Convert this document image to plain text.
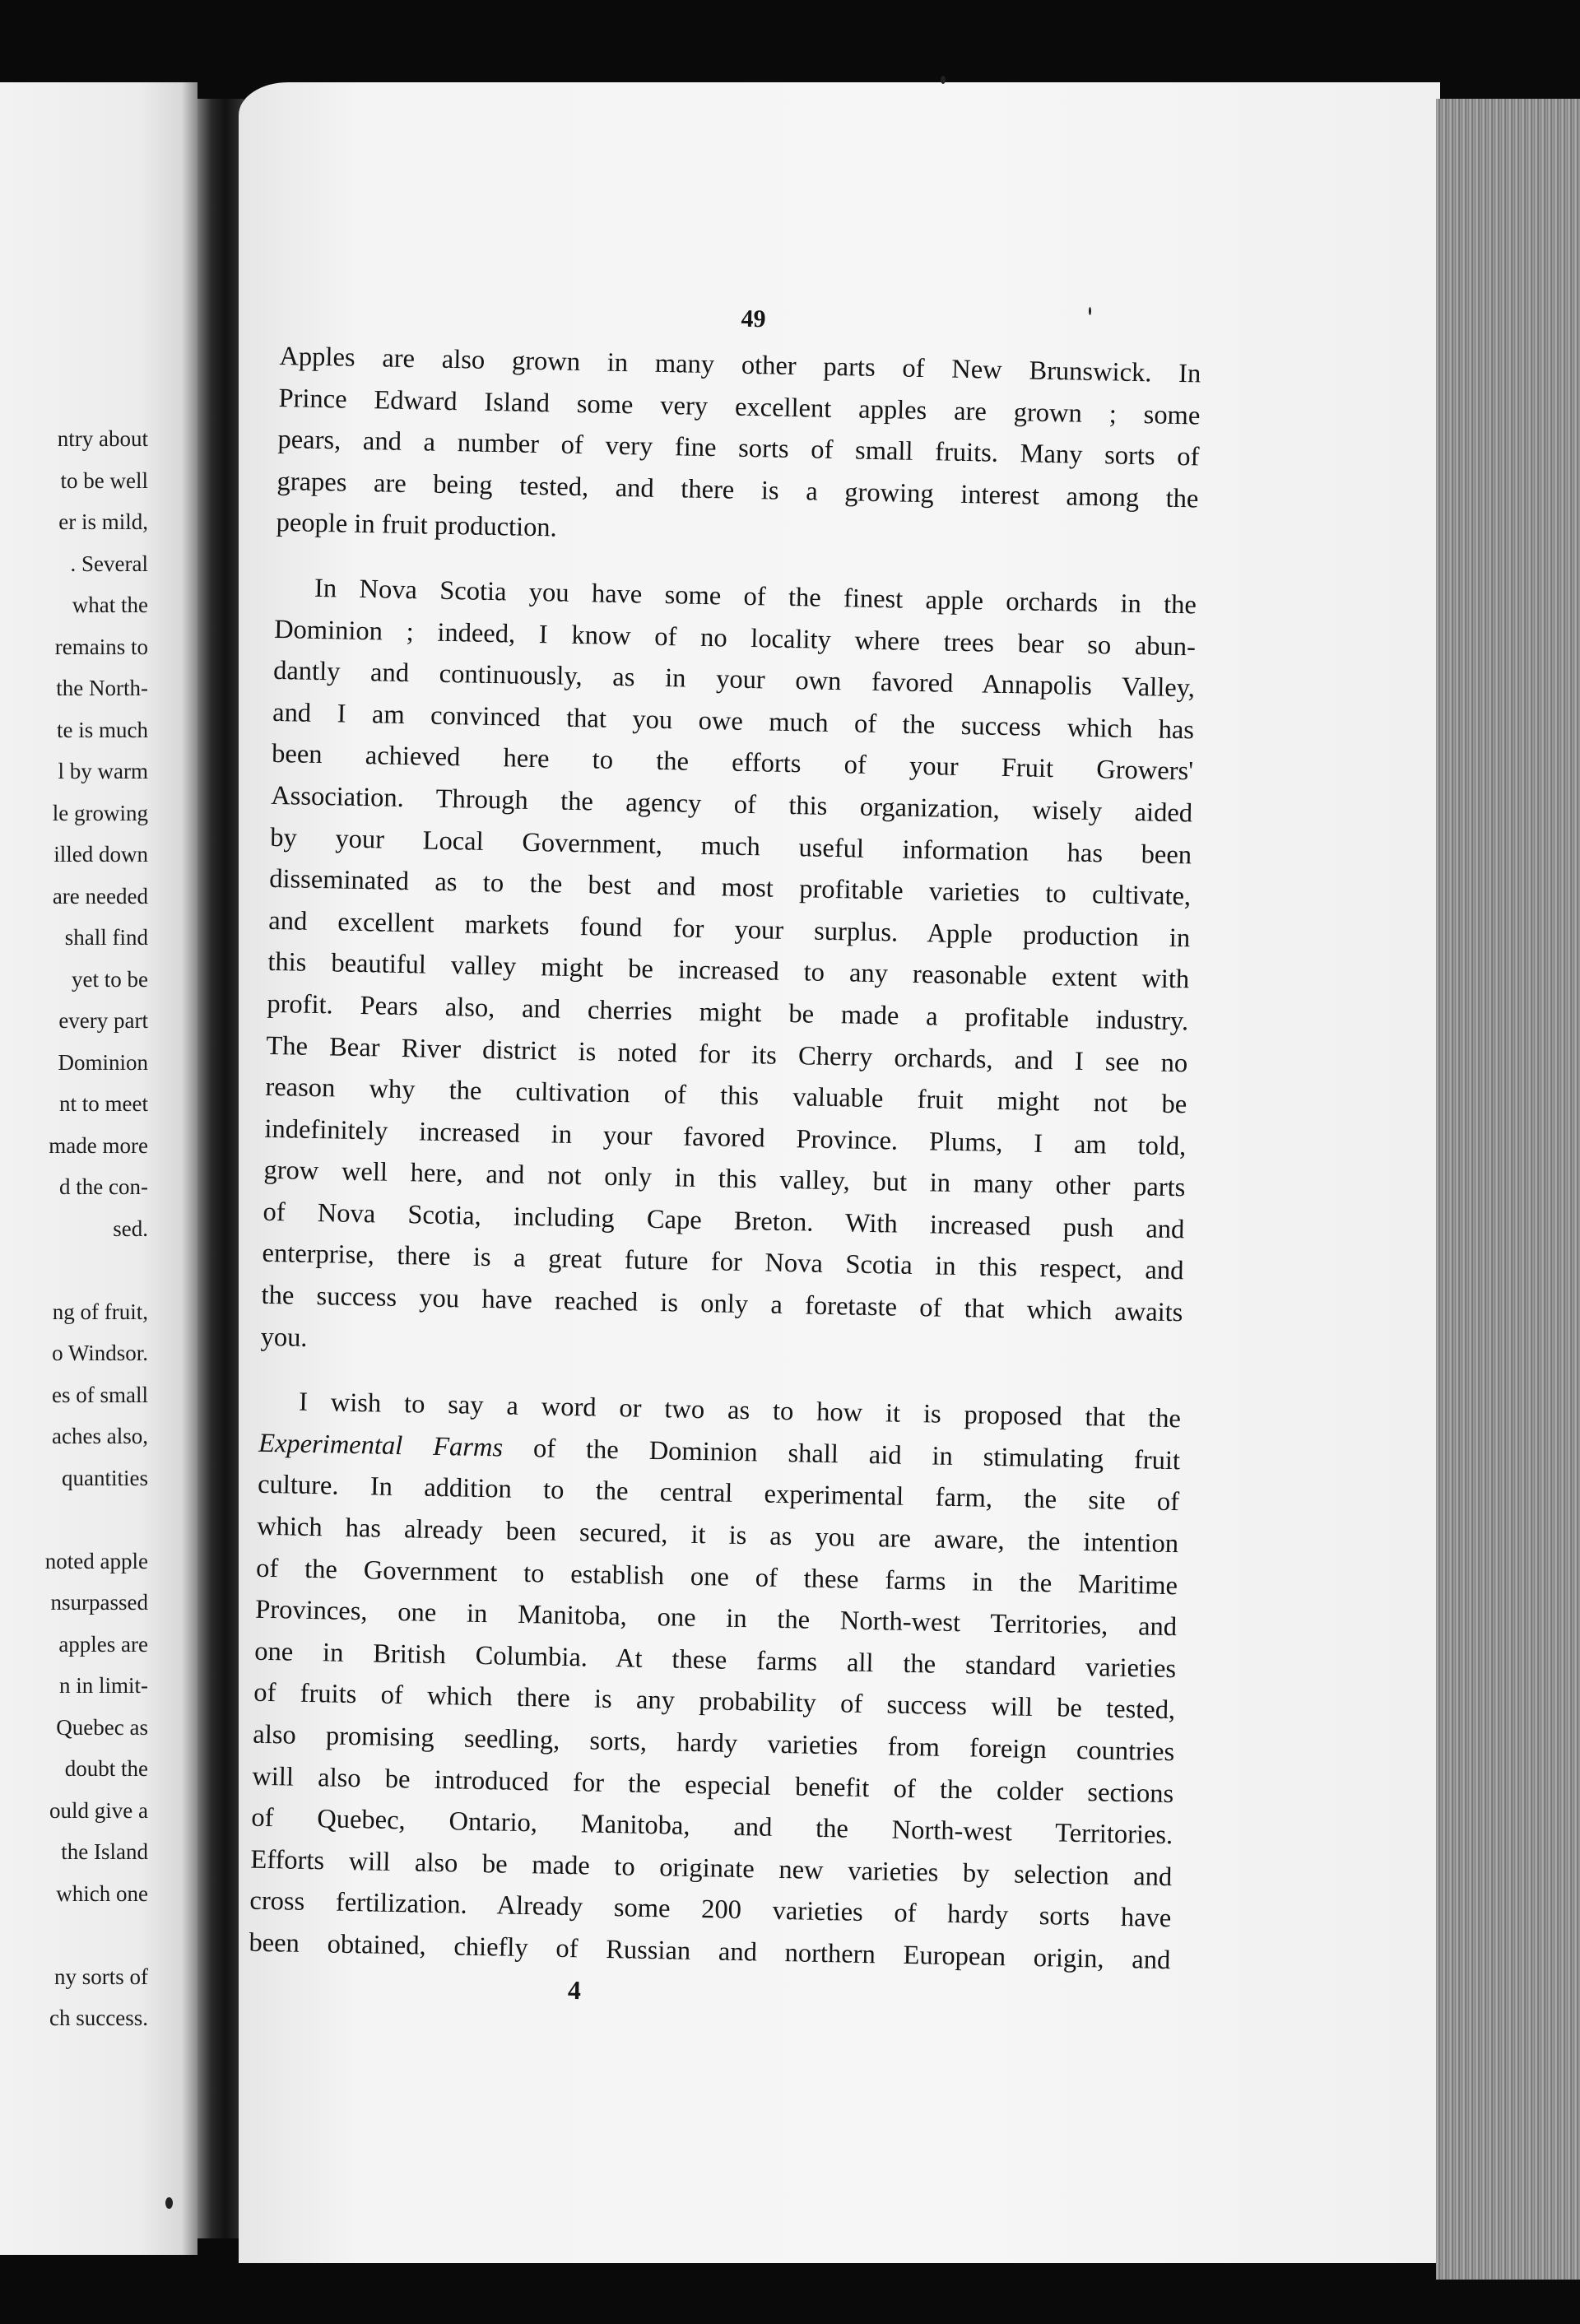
ntry about
to be well
er is mild,
. Several
what the
remains to
the North-
te is much
l by warm
le growing
illed down
are needed
shall find
yet to be
every part
Dominion
nt to meet
made more
d the con-
sed.
ng of fruit,
o Windsor.
es of small
aches also,
quantities
noted apple
nsurpassed
apples are
n in limit-
Quebec as
doubt the
ould give a
the Island
which one
ny sorts of
ch success.
49
Apples are also grown in many other parts of New Brunswick. In
Prince Edward Island some very excellent apples are grown ; some
pears, and a number of very fine sorts of small fruits. Many sorts of
grapes are being tested, and there is a growing interest among the
people in fruit production.
In Nova Scotia you have some of the finest apple orchards in the
Dominion ; indeed, I know of no locality where trees bear so abun-
dantly and continuously, as in your own favored Annapolis Valley,
and I am convinced that you owe much of the success which has
been achieved here to the efforts of your Fruit Growers'
Association. Through the agency of this organization, wisely aided
by your Local Government, much useful information has been
disseminated as to the best and most profitable varieties to cultivate,
and excellent markets found for your surplus. Apple production in
this beautiful valley might be increased to any reasonable extent with
profit. Pears also, and cherries might be made a profitable industry.
The Bear River district is noted for its Cherry orchards, and I see no
reason why the cultivation of this valuable fruit might not be
indefinitely increased in your favored Province. Plums, I am told,
grow well here, and not only in this valley, but in many other parts
of Nova Scotia, including Cape Breton. With increased push and
enterprise, there is a great future for Nova Scotia in this respect, and
the success you have reached is only a foretaste of that which awaits
you.
I wish to say a word or two as to how it is proposed that the
Experimental Farms of the Dominion shall aid in stimulating fruit
culture. In addition to the central experimental farm, the site of
which has already been secured, it is as you are aware, the intention
of the Government to establish one of these farms in the Maritime
Provinces, one in Manitoba, one in the North-west Territories, and
one in British Columbia. At these farms all the standard varieties
of fruits of which there is any probability of success will be tested,
also promising seedling, sorts, hardy varieties from foreign countries
will also be introduced for the especial benefit of the colder sections
of Quebec, Ontario, Manitoba, and the North-west Territories.
Efforts will also be made to originate new varieties by selection and
cross fertilization. Already some 200 varieties of hardy sorts have
been obtained, chiefly of Russian and northern European origin, and
4
